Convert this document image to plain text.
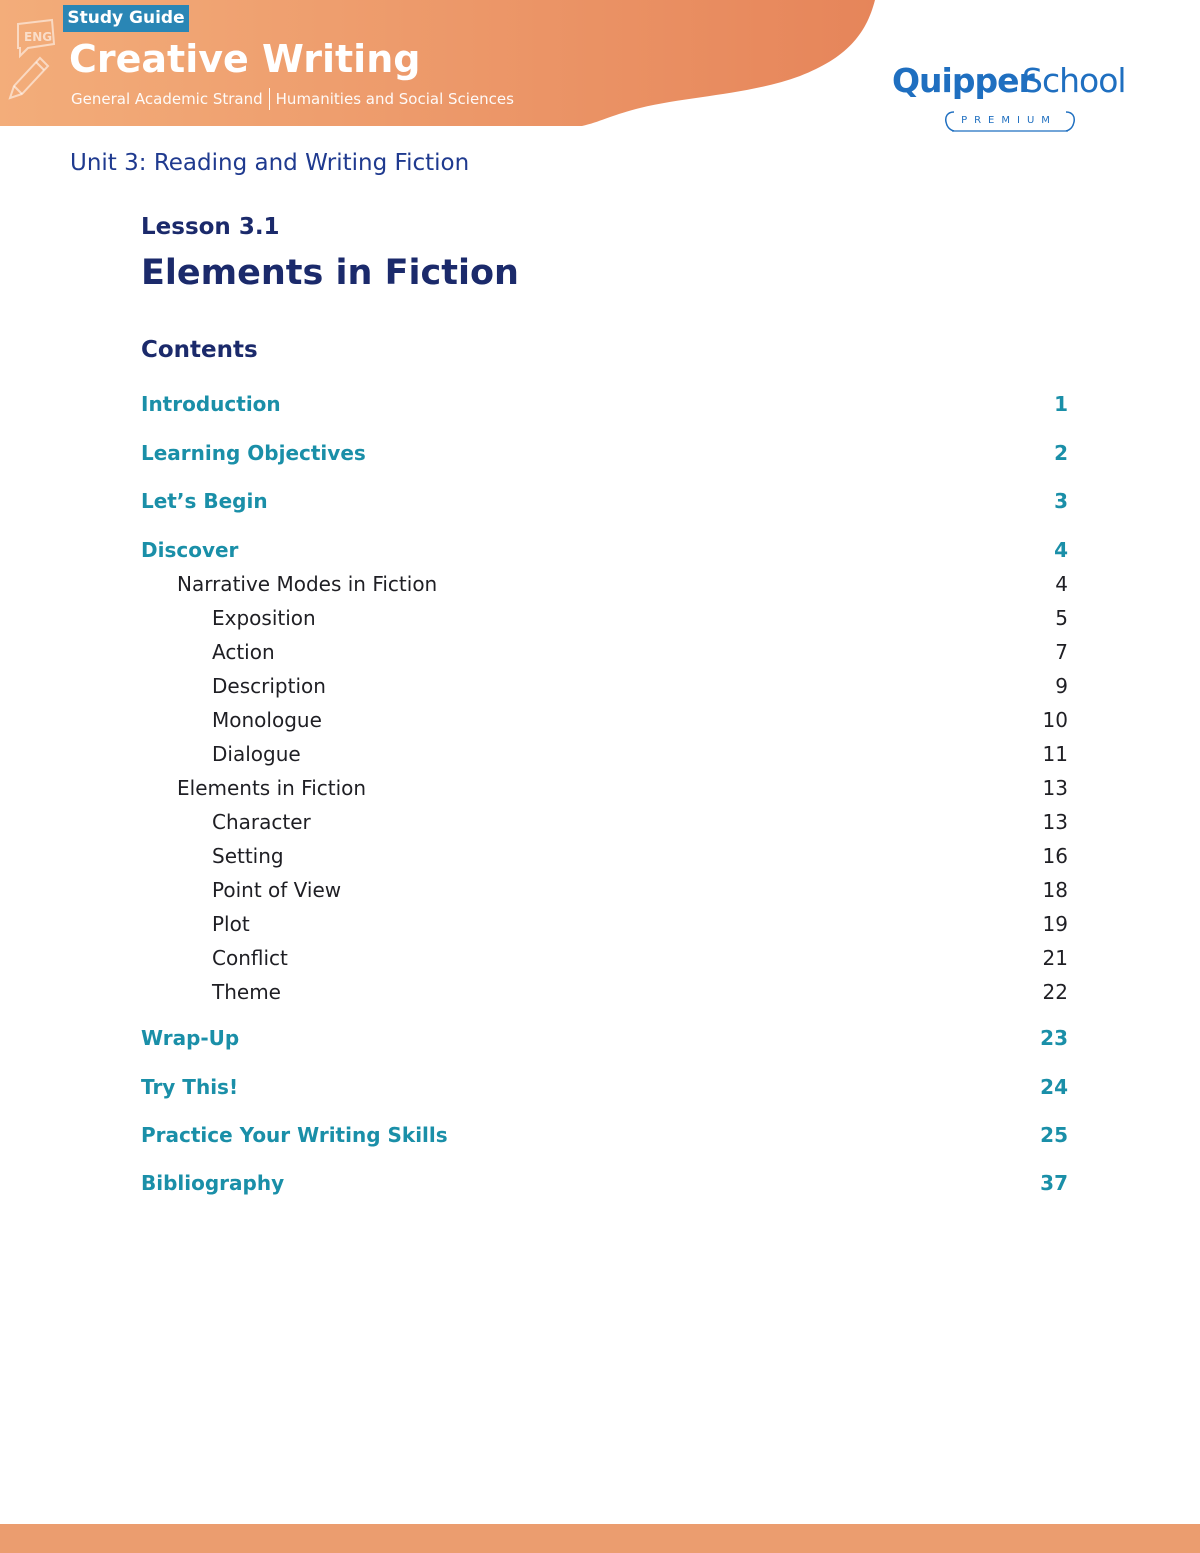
ENG
Study Guide
Creative Writing
General Academic Strand Humanities and Social Sciences	Quipper
School
PREMIUM
Unit 3: Reading and Writing Fiction
Lesson 3.1
Elements in Fiction
Contents
Introduction	1
Learning Objectives	2
Let’s Begin	3
Discover	4
Narrative Modes in Fiction	4
Exposition	5
Action	7
Description	9
Monologue	10
Dialogue	11
Elements in Fiction	13
Character	13
Setting	16
Point of View	18
Plot	19
Conflict	21
Theme	22
Wrap-Up	23
Try This!	24
Practice Your Writing Skills	25
Bibliography	37
